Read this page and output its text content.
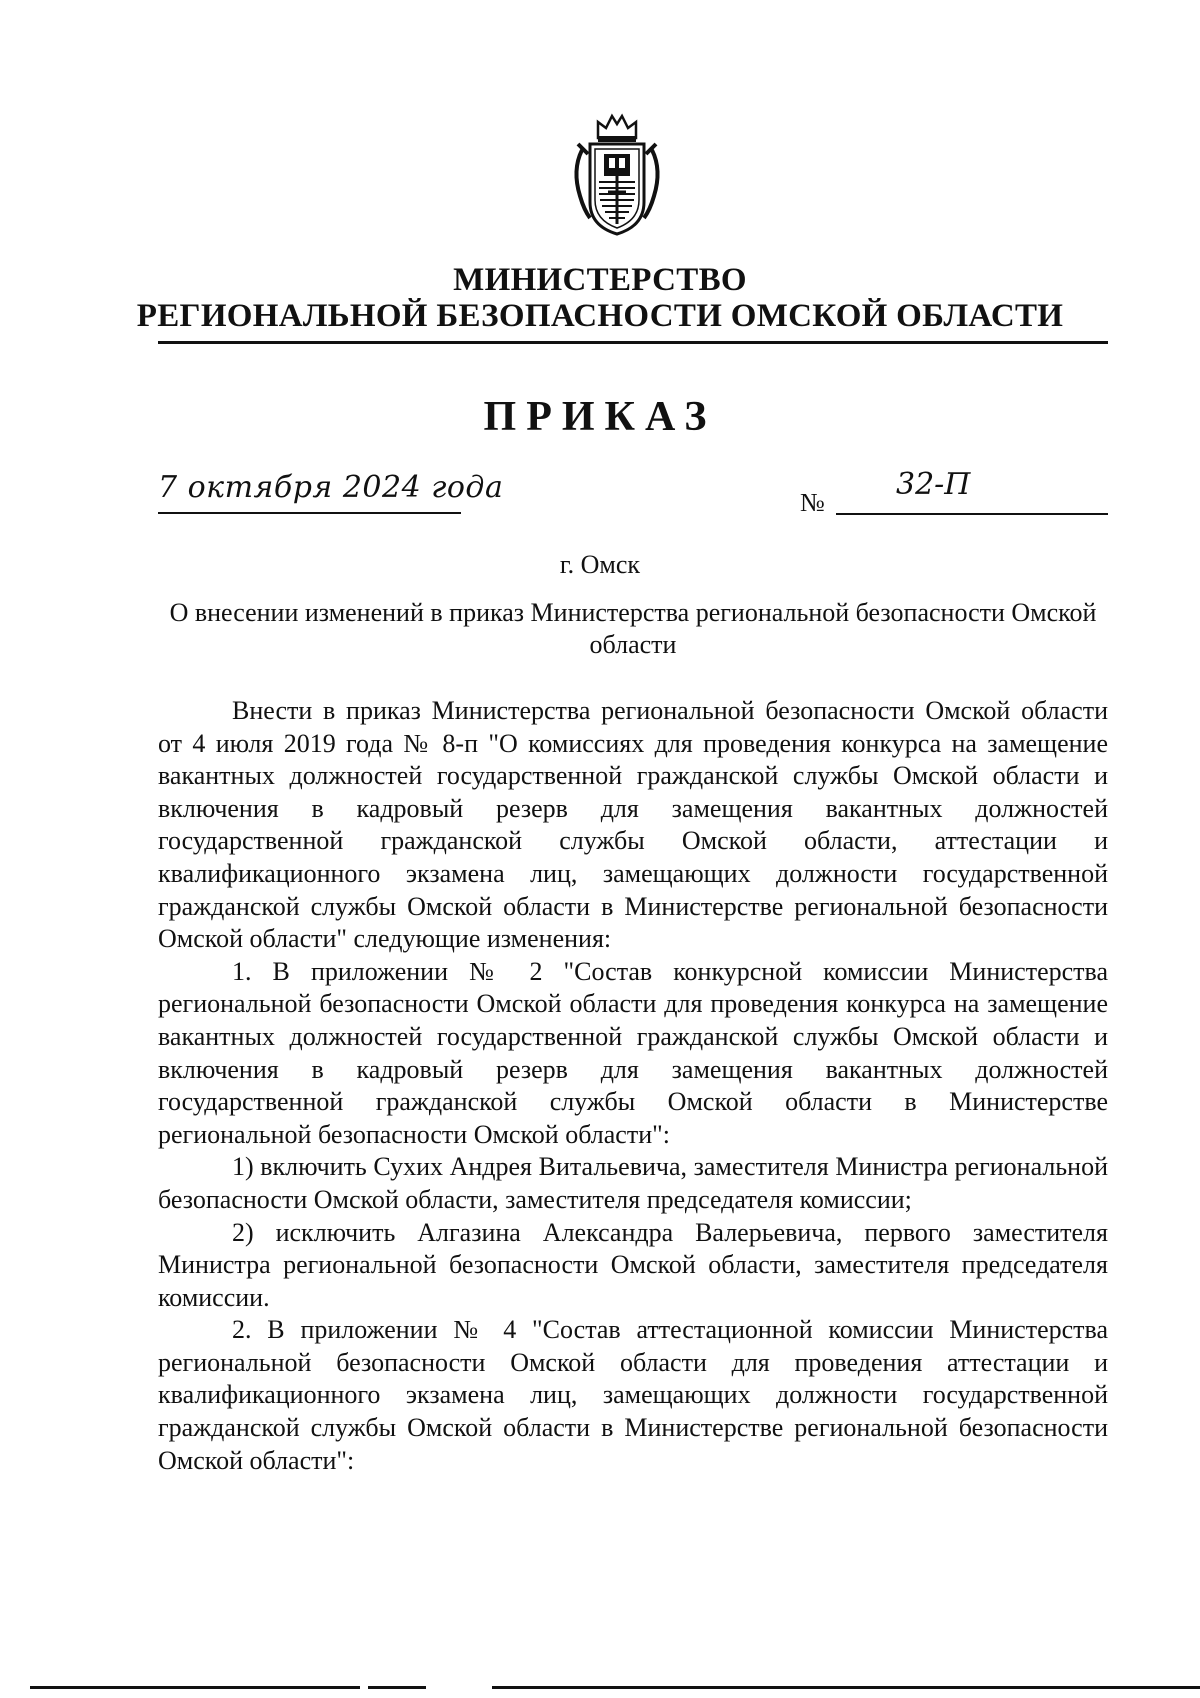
МИНИСТЕРСТВО
РЕГИОНАЛЬНОЙ БЕЗОПАСНОСТИ ОМСКОЙ ОБЛАСТИ
ПРИКАЗ
7 октября 2024 года	№
32-П
г. Омск
О внесении изменений в приказ Министерства региональной безопасности Омской области

Внести в приказ Министерства региональной безопасности Омской области от 4 июля 2019 года № 8-п "О комиссиях для проведения конкурса на замещение вакантных должностей государственной гражданской службы Омской области и включения в кадровый резерв для замещения вакантных должностей государственной гражданской службы Омской области, аттестации и квалификационного экзамена лиц, замещающих должности государственной гражданской службы Омской области в Министерстве региональной безопасности Омской области" следующие изменения:

1. В приложении № 2 "Состав конкурсной комиссии Министерства региональной безопасности Омской области для проведения конкурса на замещение вакантных должностей государственной гражданской службы Омской области и включения в кадровый резерв для замещения вакантных должностей государственной гражданской службы Омской области в Министерстве региональной безопасности Омской области":

1) включить Сухих Андрея Витальевича, заместителя Министра региональной безопасности Омской области, заместителя председателя комиссии;

2) исключить Алгазина Александра Валерьевича, первого заместителя Министра региональной безопасности Омской области, заместителя председателя комиссии.

2. В приложении № 4 "Состав аттестационной комиссии Министерства региональной безопасности Омской области для проведения аттестации и квалификационного экзамена лиц, замещающих должности государственной гражданской службы Омской области в Министерстве региональной безопасности Омской области":
